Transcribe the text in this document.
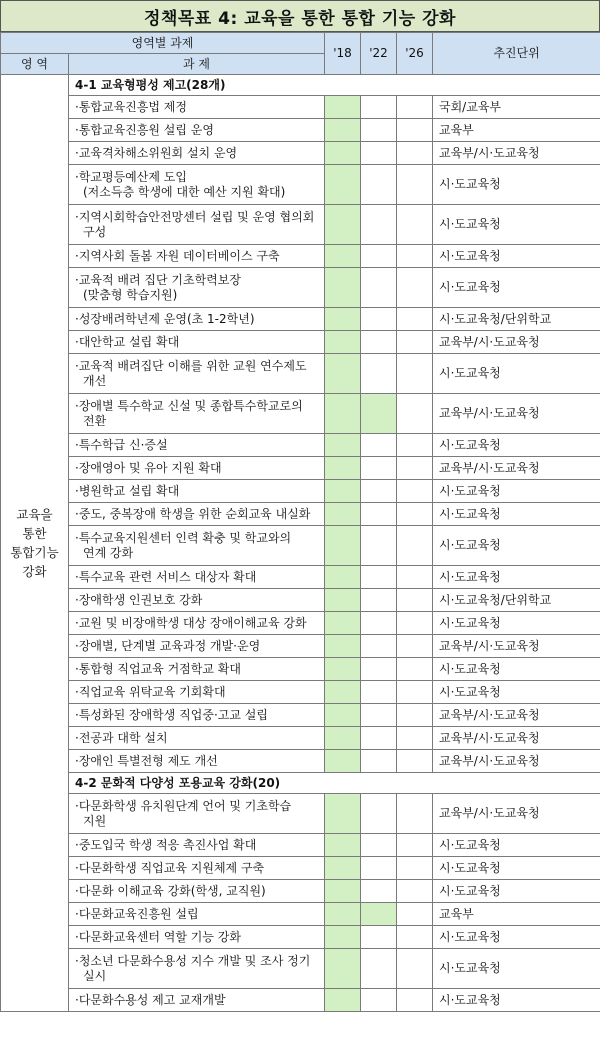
정책목표 4: 교육을 통한 통합 기능 강화
영역별 과제		'18	'22	'26	추진단위
영 역	과 제				

교육을
통한
통합기능
강화	4-1 교육형평성 제고(28개)				

	·통합교육진흥법 제정				국회/교육부

	·통합교육진흥원 설립 운영				교육부

	·교육격차해소위원회 설치 운영				교육부/시·도교육청

	·학교평등예산제 도입
(저소득층 학생에 대한 예산 지원 확대)				시·도교육청

	·지역시회학습안전망센터 설립 및 운영 협의회
구성				시·도교육청

	·지역사회 돌봄 자원 데이터베이스 구축				시·도교육청

	·교육적 배려 집단 기초학력보장
(맞춤형 학습지원)				시·도교육청

	·성장배려학년제 운영(초 1-2학년)				시·도교육청/단위학교

	·대안학교 설립 확대				교육부/시·도교육청

	·교육적 배려집단 이해를 위한 교원 연수제도
개선				시·도교육청

	·장애별 특수학교 신설 및 종합특수학교로의
전환				교육부/시·도교육청

	·특수학급 신·증설				시·도교육청

	·장애영아 및 유아 지원 확대				교육부/시·도교육청

	·병원학교 설립 확대				시·도교육청

	·중도, 중복장애 학생을 위한 순회교육 내실화				시·도교육청

	·특수교육지원센터 인력 확충 및 학교와의
연계 강화				시·도교육청

	·특수교육 관련 서비스 대상자 확대				시·도교육청

	·장애학생 인권보호 강화				시·도교육청/단위학교

	·교원 및 비장애학생 대상 장애이해교육 강화				시·도교육청

	·장애별, 단계별 교육과정 개발·운영				교육부/시·도교육청

	·통합형 직업교육 거점학교 확대				시·도교육청

	·직업교육 위탁교육 기회확대				시·도교육청

	·특성화된 장애학생 직업중·고교 설립				교육부/시·도교육청

	·전공과 대학 설치				교육부/시·도교육청

	·장애인 특별전형 제도 개선				교육부/시·도교육청
	4-2 문화적 다양성 포용교육 강화(20)				

	·다문화학생 유치원단계 언어 및 기초학습
지원				교육부/시·도교육청

	·중도입국 학생 적응 촉진사업 확대				시·도교육청

	·다문화학생 직업교육 지원체제 구축				시·도교육청

	·다문화 이해교육 강화(학생, 교직원)				시·도교육청

	·다문화교육진흥원 설립				교육부

	·다문화교육센터 역할 기능 강화				시·도교육청

	·청소년 다문화수용성 지수 개발 및 조사 정기
실시				시·도교육청

	·다문화수용성 제고 교재개발				시·도교육청
